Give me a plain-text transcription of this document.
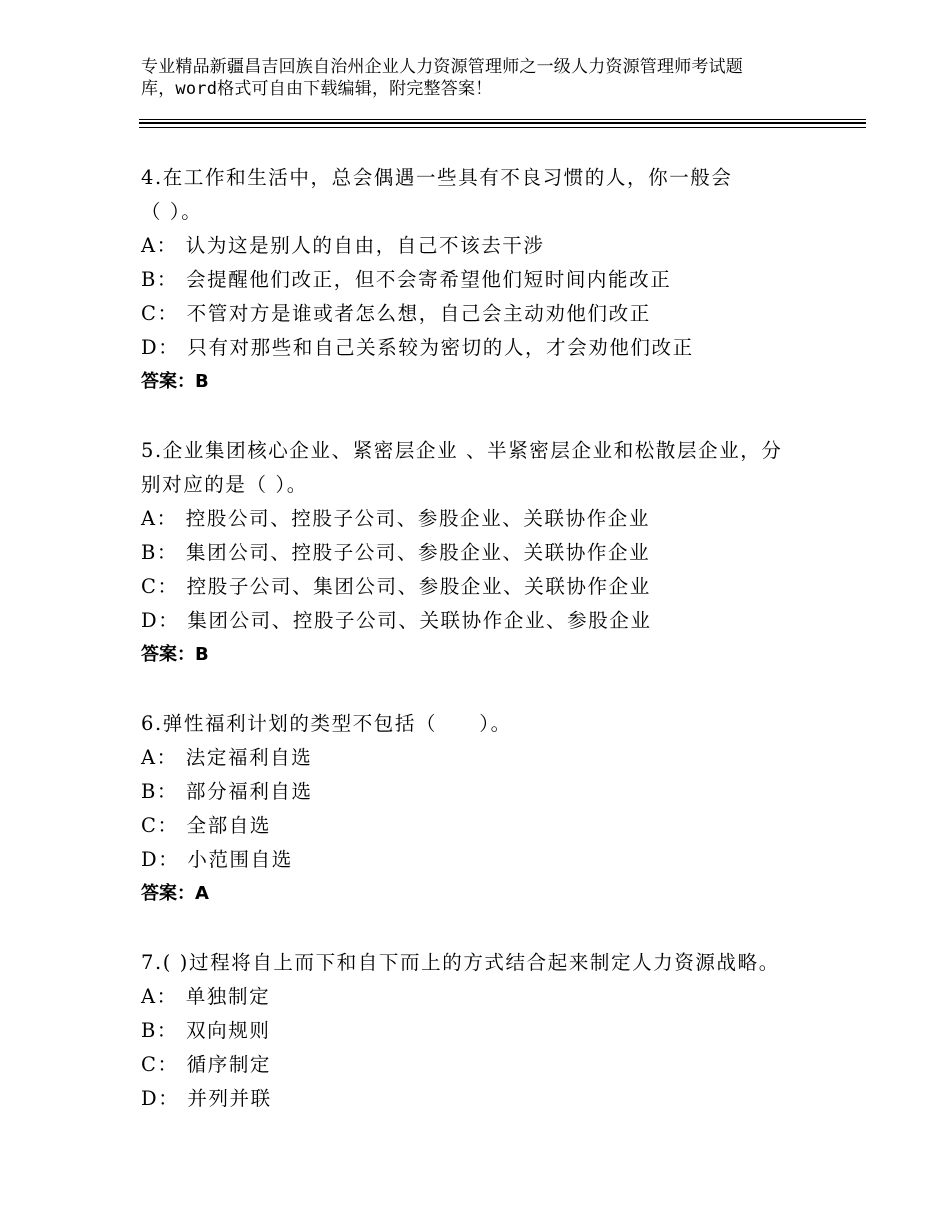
专业精品新疆昌吉回族自治州企业人力资源管理师之一级人力资源管理师考试题
库，word格式可自由下载编辑，附完整答案！
4.在工作和生活中，总会偶遇一些具有不良习惯的人，你一般会
（ ）。
A： 认为这是别人的自由，自己不该去干涉
B： 会提醒他们改正，但不会寄希望他们短时间内能改正
C： 不管对方是谁或者怎么想，自己会主动劝他们改正
D： 只有对那些和自己关系较为密切的人，才会劝他们改正
答案：B
5.企业集团核心企业、紧密层企业 、半紧密层企业和松散层企业，分
别对应的是（ ）。
A： 控股公司、控股子公司、参股企业、关联协作企业
B： 集团公司、控股子公司、参股企业、关联协作企业
C： 控股子公司、集团公司、参股企业、关联协作企业
D： 集团公司、控股子公司、关联协作企业、参股企业
答案：B
6.弹性福利计划的类型不包括（　　）。
A： 法定福利自选
B： 部分福利自选
C： 全部自选
D： 小范围自选
答案：A
7.( )过程将自上而下和自下而上的方式结合起来制定人力资源战略。
A： 单独制定
B： 双向规则
C： 循序制定
D： 并列并联
